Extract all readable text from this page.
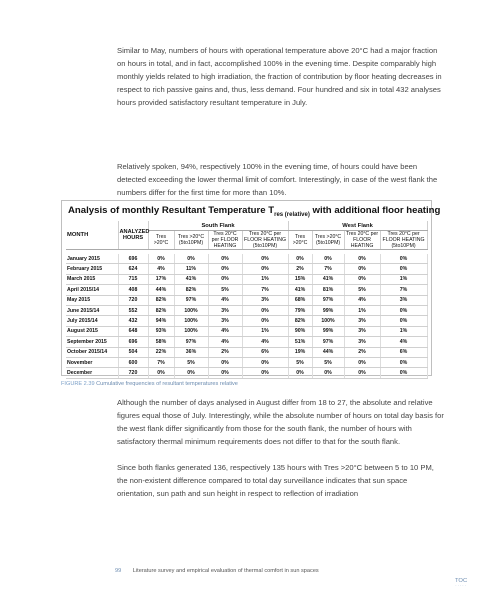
Similar to May, numbers of hours with operational temperature above 20°C had a major fraction on hours in total, and in fact, accomplished 100% in the evening time. Despite comparably high monthly yields related to high irradiation, the fraction of contribution by floor heating decreases in respect to rich passive gains and, thus, less demand. Four hundred and six in total 432 analyses hours provided satisfactory resultant temperature in July.

Relatively spoken, 94%, respectively 100% in the evening time, of hours could have been detected exceeding the lower thermal limit of comfort. Interestingly, in case of the west flank the numbers differ for the first time for more than 10%.

Analysis of monthly Resultant Temperature $T_{res (relative)}$ with additional floor heating
MONTH	ANALYZED HOURS	South Flank				West Flank			
		Tres >20°C	Tres >20°C (5to10PM)	Tres 20°C per FLOOR HEATING	Tres 20°C per FLOOR HEATING (5to10PM)	Tres >20°C	Tres >20°C (5to10PM)	Tres 20°C per FLOOR HEATING	Tres 20°C per FLOOR HEATING (5to10PM)

January 2015	696	0%	0%	0%	0%	0%	0%	0%	0%
February 2015	624	4%	11%	0%	0%	2%	7%	0%	0%
March 2015	715	17%	41%	0%	1%	15%	41%	0%	1%
April 2015/14	408	44%	82%	5%	7%	41%	81%	5%	7%
May 2015	720	82%	97%	4%	3%	68%	97%	4%	3%
June 2015/14	552	82%	100%	3%	0%	79%	99%	1%	0%
July 2015/14	432	94%	100%	3%	0%	82%	100%	3%	0%
August 2015	648	93%	100%	4%	1%	90%	99%	3%	1%
September 2015	696	58%	97%	4%	4%	51%	97%	3%	4%
October 2015/14	504	22%	36%	2%	6%	19%	44%	2%	6%
November	600	7%	5%	0%	0%	5%	5%	0%	0%
December	720	0%	0%	0%	0%	0%	0%	0%	0%
FIGURE 2.39 Cumulative frequencies of resultant temperatures relative

Although the number of days analysed in August differ from 18 to 27, the absolute and relative figures equal those of July. Interestingly, while the absolute number of hours on total day basis for the west flank differ significantly from those for the south flank, the number of hours with satisfactory thermal minimum requirements does not differ to that for the south flank.

Since both flanks generated 136, respectively 135 hours with Tres >20°C between 5 to 10 PM, the non-existent difference compared to total day surveillance indicates that sun space orientation, sun path and sun height in respect to reflection of irradiation

99 Literature survey and empirical evaluation of thermal comfort in sun spaces
TOC
·····
